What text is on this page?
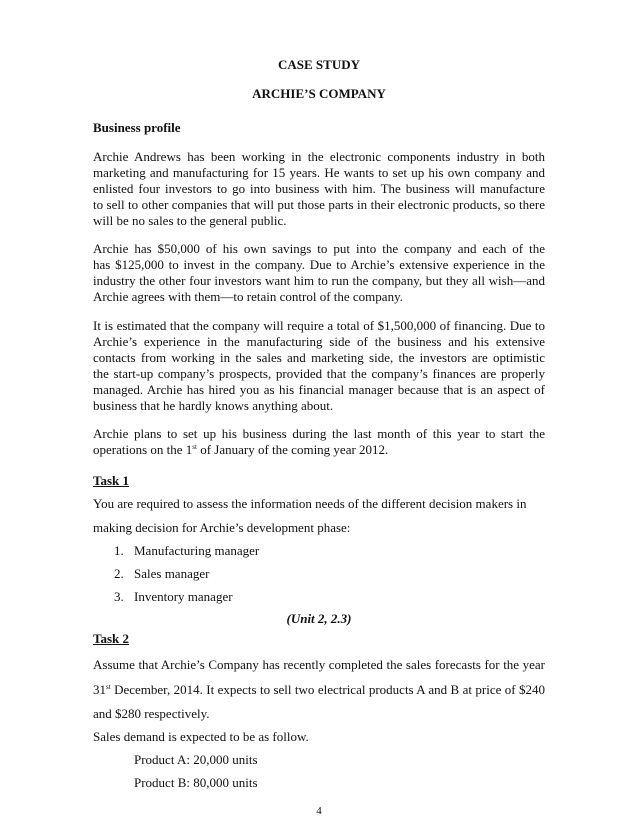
CASE STUDY
ARCHIE’S COMPANY
Business profile
Archie Andrews has been working in the electronic components industry in both
marketing and manufacturing for 15 years. He wants to set up his own company and
enlisted four investors to go into business with him. The business will manufacture
to sell to other companies that will put those parts in their electronic products, so there
will be no sales to the general public.
Archie has $50,000 of his own savings to put into the company and each of the
has $125,000 to invest in the company. Due to Archie’s extensive experience in the
industry the other four investors want him to run the company, but they all wish—and
Archie agrees with them—to retain control of the company.
It is estimated that the company will require a total of $1,500,000 of financing. Due to
Archie’s experience in the manufacturing side of the business and his extensive
contacts from working in the sales and marketing side, the investors are optimistic
the start-up company’s prospects, provided that the company’s finances are properly
managed. Archie has hired you as his financial manager because that is an aspect of
business that he hardly knows anything about.
Archie plans to set up his business during the last month of this year to start the
operations on the 1st of January of the coming year 2012.
Task 1
You are required to assess the information needs of the different decision makers in
making decision for Archie’s development phase:
1. Manufacturing manager
2. Sales manager
3. Inventory manager
(Unit 2, 2.3)
Task 2
Assume that Archie’s Company has recently completed the sales forecasts for the year
31st December, 2014. It expects to sell two electrical products A and B at price of $240
and $280 respectively.
Sales demand is expected to be as follow.
Product A: 20,000 units
Product B: 80,000 units
4
